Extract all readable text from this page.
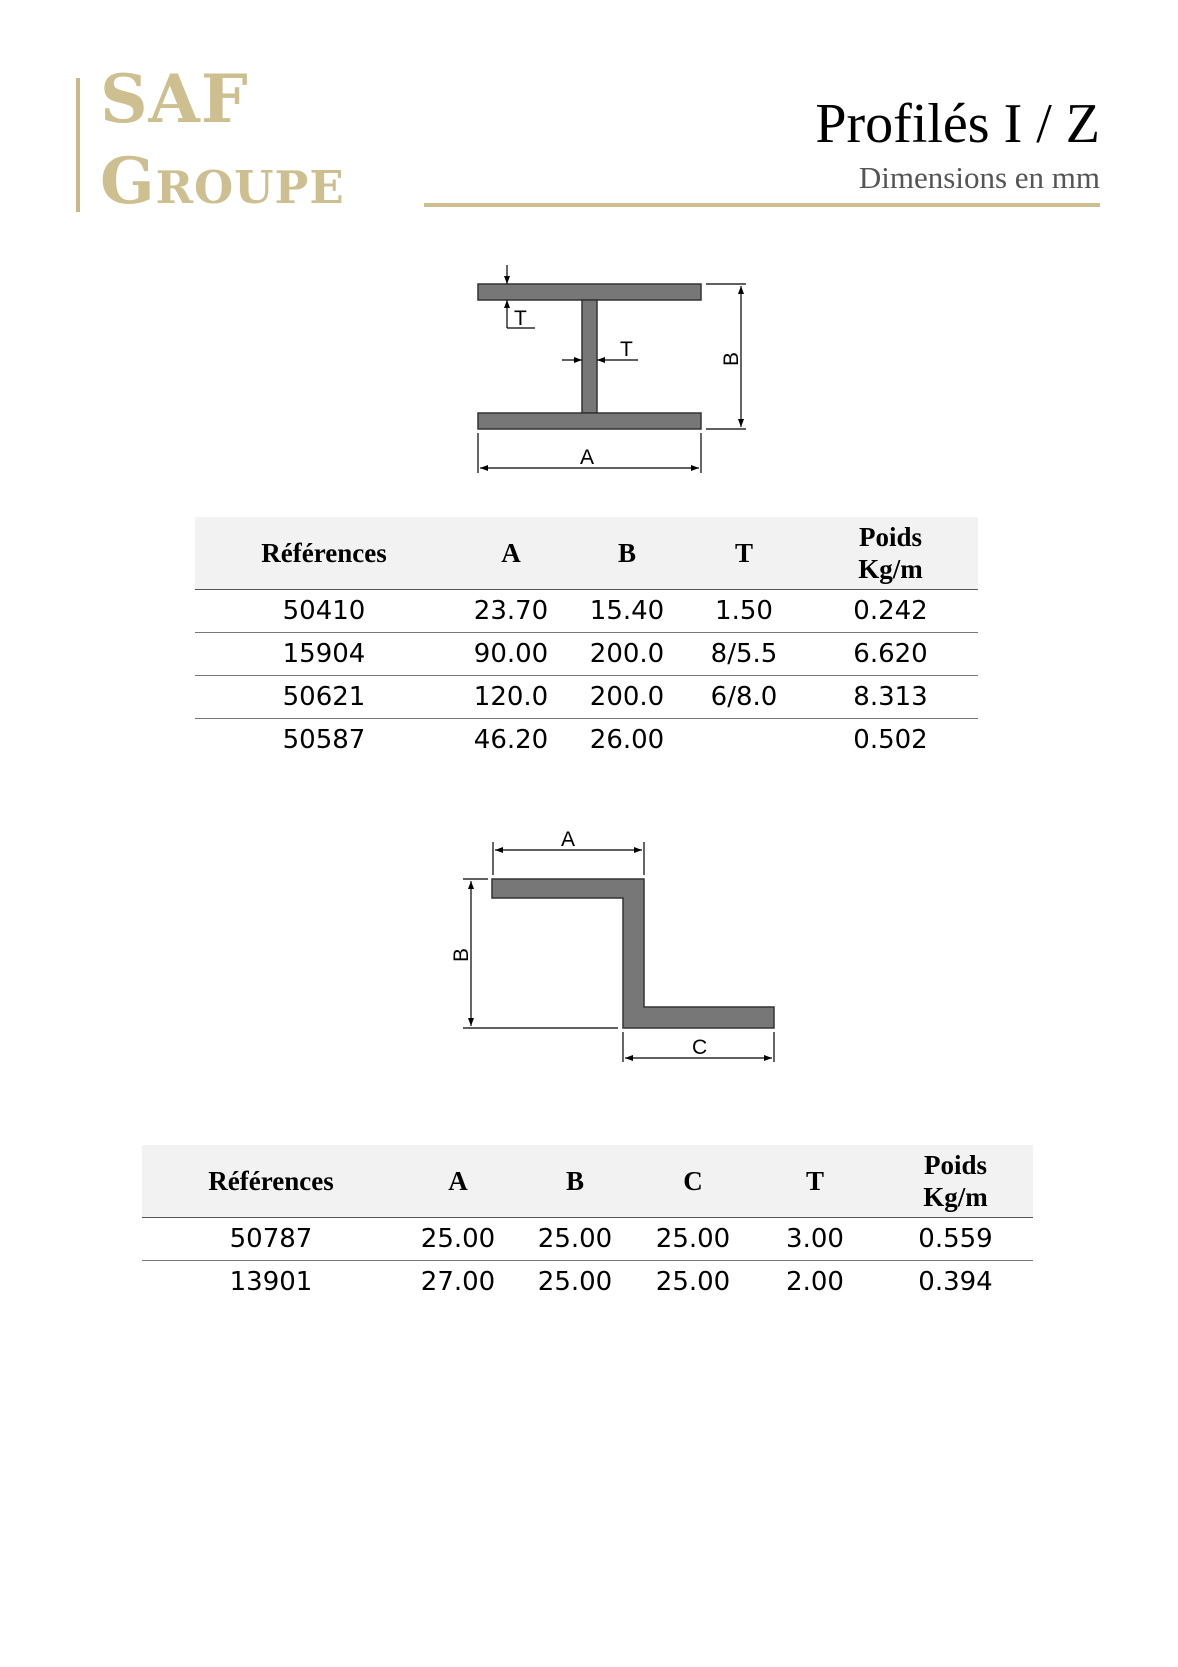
SAF
Groupe
Profilés I / Z
Dimensions en mm
T
T	B
A
Références	A	B	T	Poids
Kg/m
50410	23.70	15.40	1.50	0.242
15904	90.00	200.0	8/5.5	6.620
50621	120.0	200.0	6/8.0	8.313
50587	46.20	26.00		0.502
A
B
C
Références	A	B	C	T	Poids
Kg/m
50787	25.00	25.00	25.00	3.00	0.559
13901	27.00	25.00	25.00	2.00	0.394
